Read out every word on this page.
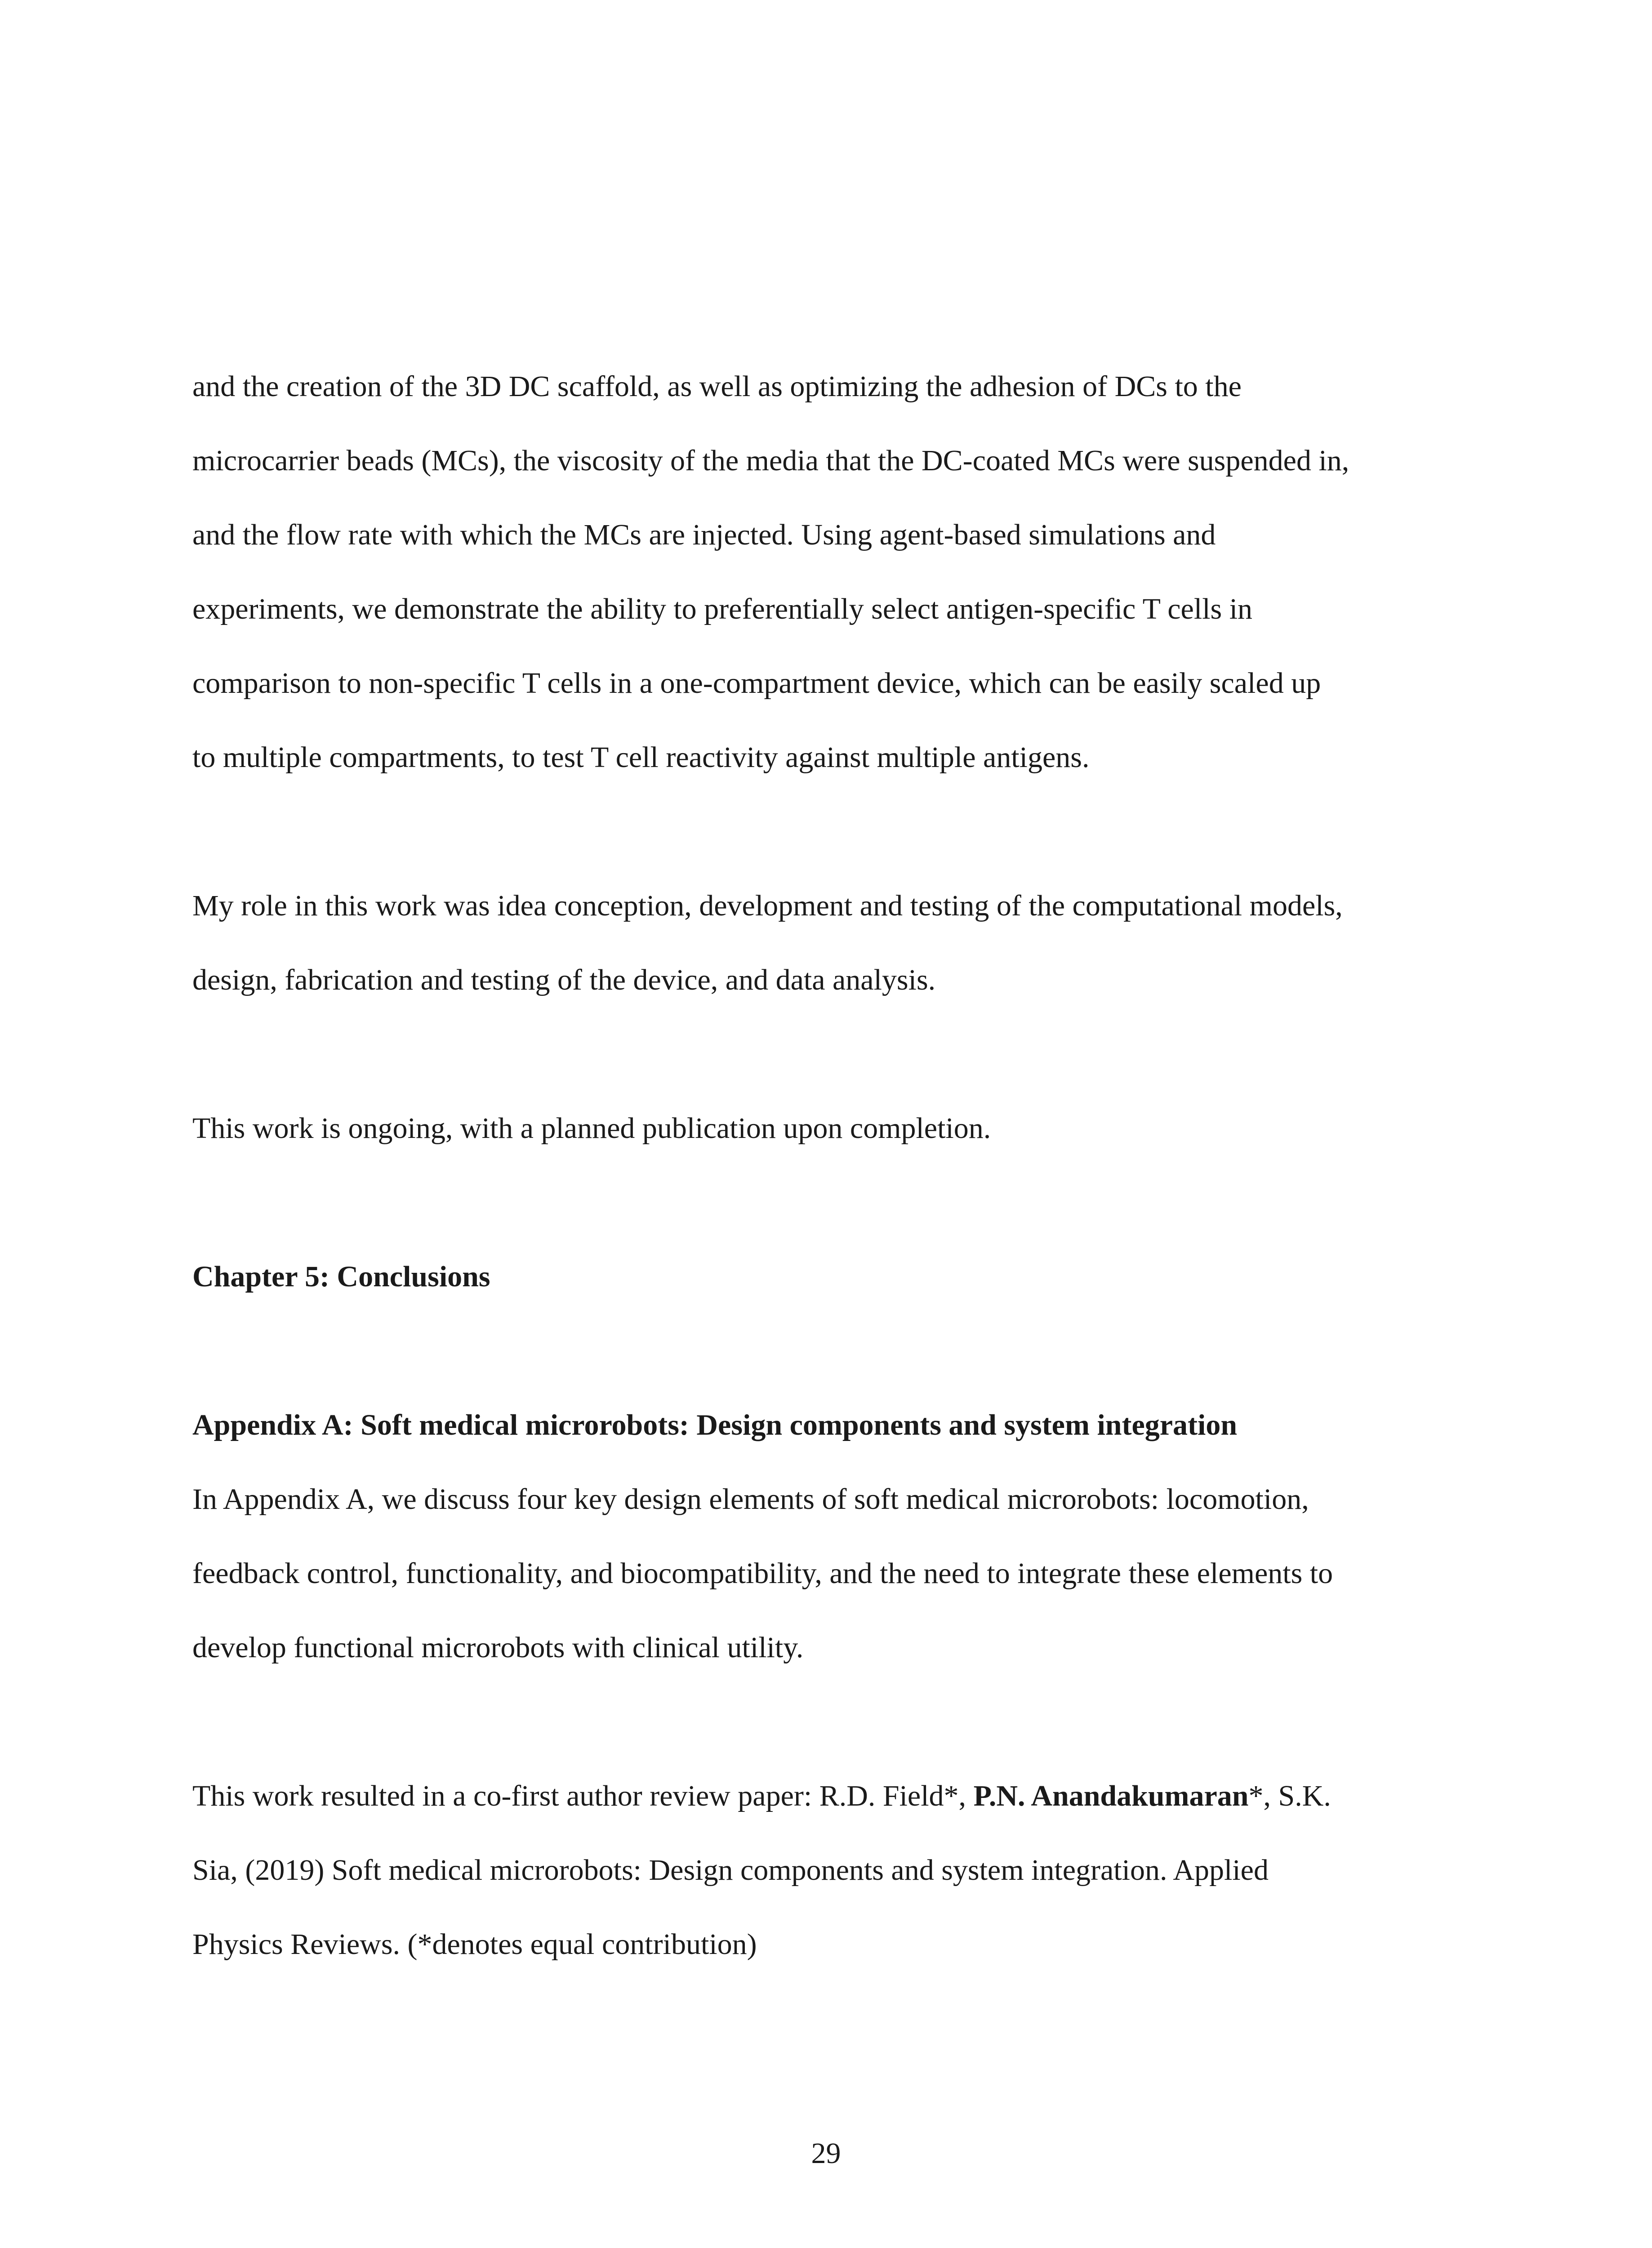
and the creation of the 3D DC scaffold, as well as optimizing the adhesion of DCs to the

microcarrier beads (MCs), the viscosity of the media that the DC-coated MCs were suspended in,

and the flow rate with which the MCs are injected. Using agent-based simulations and

experiments, we demonstrate the ability to preferentially select antigen-specific T cells in

comparison to non-specific T cells in a one-compartment device, which can be easily scaled up

to multiple compartments, to test T cell reactivity against multiple antigens.

My role in this work was idea conception, development and testing of the computational models,

design, fabrication and testing of the device, and data analysis.

This work is ongoing, with a planned publication upon completion.

Chapter 5: Conclusions

Appendix A: Soft medical microrobots: Design components and system integration

In Appendix A, we discuss four key design elements of soft medical microrobots: locomotion,

feedback control, functionality, and biocompatibility, and the need to integrate these elements to

develop functional microrobots with clinical utility.

This work resulted in a co-first author review paper: R.D. Field*, P.N. Anandakumaran*, S.K.

Sia, (2019) Soft medical microrobots: Design components and system integration. Applied

Physics Reviews. (*denotes equal contribution)

29
